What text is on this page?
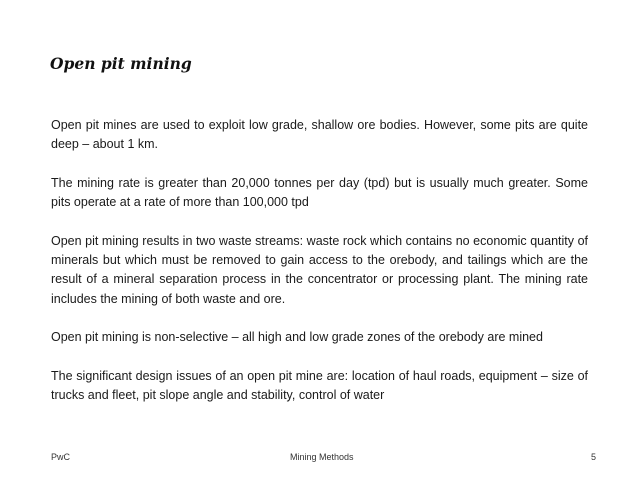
Open pit mining

Open pit mines are used to exploit low grade, shallow ore bodies. However, some pits are quite deep – about 1 km.

The mining rate is greater than 20,000 tonnes per day (tpd) but is usually much greater. Some pits operate at a rate of more than 100,000 tpd

Open pit mining results in two waste streams: waste rock which contains no economic quantity of minerals but which must be removed to gain access to the orebody, and tailings which are the result of a mineral separation process in the concentrator or processing plant. The mining rate includes the mining of both waste and ore.

Open pit mining is non-selective – all high and low grade zones of the orebody are mined

The significant design issues of an open pit mine are: location of haul roads, equipment – size of trucks and fleet, pit slope angle and stability, control of water

PwC	Mining Methods	5
